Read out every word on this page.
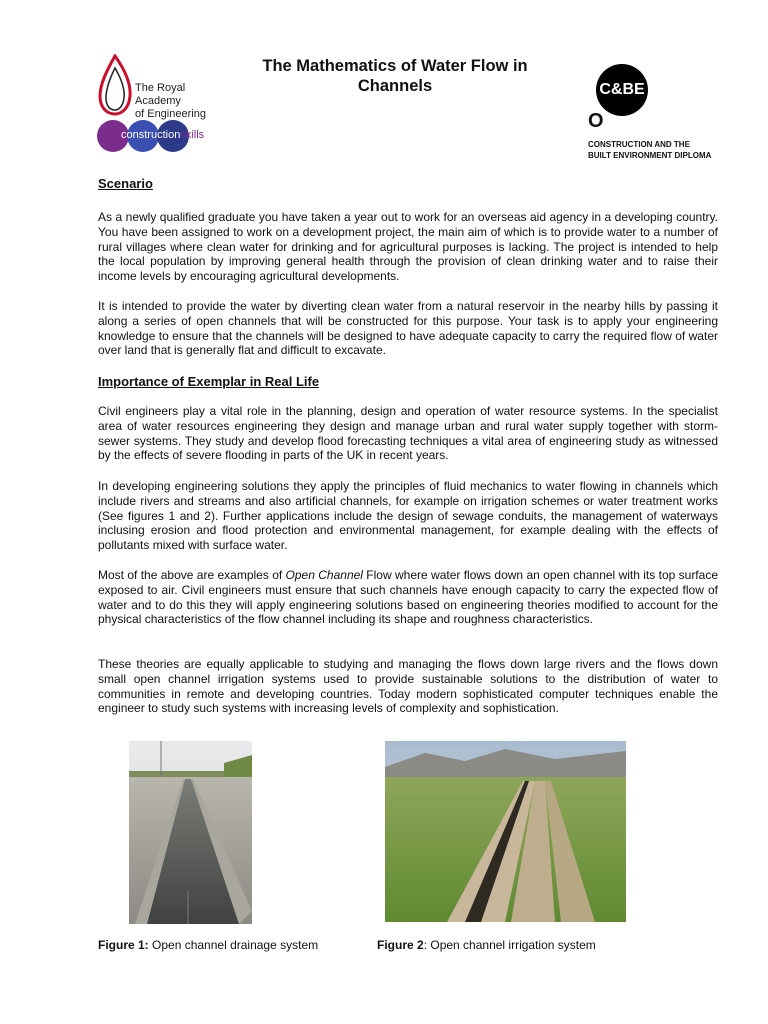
The Royal Academy
of Engineering
constructionskills
The Mathematics of Water Flow in
Channels	C&BE
O
CONSTRUCTION AND THE
BUILT ENVIRONMENT DIPLOMA
Scenario
As a newly qualified graduate you have taken a year out to work for an overseas aid agency in a developing country. You have been assigned to work on a development project, the main aim of which is to provide water to a number of rural villages where clean water for drinking and for agricultural purposes is lacking. The project is intended to help the local population by improving general health through the provision of clean drinking water and to raise their income levels by encouraging agricultural developments.
It is intended to provide the water by diverting clean water from a natural reservoir in the nearby hills by passing it along a series of open channels that will be constructed for this purpose. Your task is to apply your engineering knowledge to ensure that the channels will be designed to have adequate capacity to carry the required flow of water over land that is generally flat and difficult to excavate.
Importance of Exemplar in Real Life
Civil engineers play a vital role in the planning, design and operation of water resource systems. In the specialist area of water resources engineering they design and manage urban and rural water supply together with storm-sewer systems. They study and develop flood forecasting techniques a vital area of engineering study as witnessed by the effects of severe flooding in parts of the UK in recent years.
In developing engineering solutions they apply the principles of fluid mechanics to water flowing in channels which include rivers and streams and also artificial channels, for example on irrigation schemes or water treatment works (See figures 1 and 2). Further applications include the design of sewage conduits, the management of waterways inclusing erosion and flood protection and environmental management, for example dealing with the effects of pollutants mixed with surface water.
Most of the above are examples of Open Channel Flow where water flows down an open channel with its top surface exposed to air. Civil engineers must ensure that such channels have enough capacity to carry the expected flow of water and to do this they will apply engineering solutions based on engineering theories modified to account for the physical characteristics of the flow channel including its shape and roughness characteristics.
These theories are equally applicable to studying and managing the flows down large rivers and the flows down small open channel irrigation systems used to provide sustainable solutions to the distribution of water to communities in remote and developing countries. Today modern sophisticated computer techniques enable the engineer to study such systems with increasing levels of complexity and sophistication.
Figure 1: Open channel drainage system	Figure 2: Open channel irrigation system
